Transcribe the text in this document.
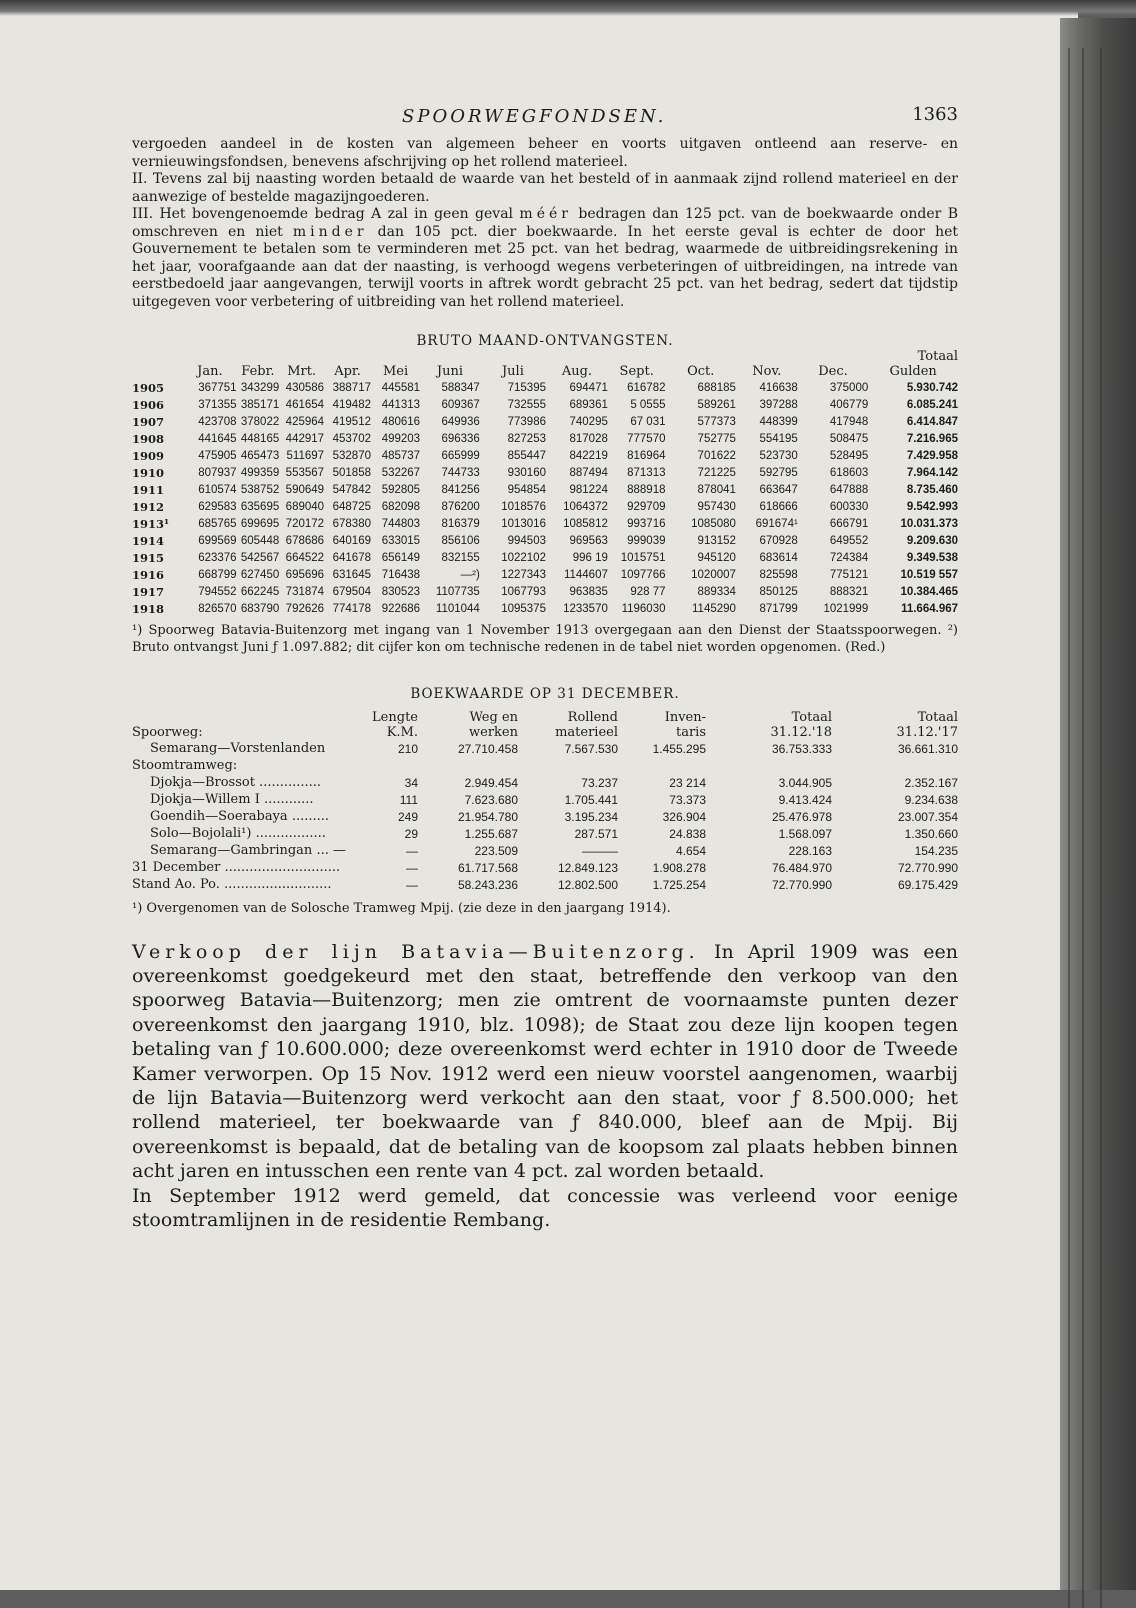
SPOORWEGFONDSEN.	1363

vergoeden aandeel in de kosten van algemeen beheer en voorts uitgaven ontleend aan reserve- en vernieuwingsfondsen, benevens afschrijving op het rollend materieel.

II. Tevens zal bij naasting worden betaald de waarde van het besteld of in aanmaak zijnd rollend materieel en der aanwezige of bestelde magazijngoederen.

III. Het bovengenoemde bedrag A zal in geen geval méér bedragen dan 125 pct. van de boekwaarde onder B omschreven en niet minder dan 105 pct. dier boekwaarde. In het eerste geval is echter de door het Gouvernement te betalen som te verminderen met 25 pct. van het bedrag, waarmede de uitbreidingsrekening in het jaar, voorafgaande aan dat der naasting, is verhoogd wegens verbeteringen of uitbreidingen, na intrede van eerstbedoeld jaar aangevangen, terwijl voorts in aftrek wordt gebracht 25 pct. van het bedrag, sedert dat tijdstip uitgegeven voor verbetering of uitbreiding van het rollend materieel.

BRUTO MAAND-ONTVANGSTEN.

													Totaal
	Jan.	Febr.	Mrt.	Apr.	Mei	Juni	Juli	Aug.	Sept.	Oct.	Nov.	Dec.	Gulden
1905	367751	343299	430586	388717	445581	588347	715395	694471	616782	688185	416638	375000	5.930.742
1906	371355	385171	461654	419482	441313	609367	732555	689361	5 0555	589261	397288	406779	6.085.241
1907	423708	378022	425964	419512	480616	649936	773986	740295	67 031	577373	448399	417948	6.414.847
1908	441645	448165	442917	453702	499203	696336	827253	817028	777570	752775	554195	508475	7.216.965
1909	475905	465473	511697	532870	485737	665999	855447	842219	816964	701622	523730	528495	7.429.958
1910	807937	499359	553567	501858	532267	744733	930160	887494	871313	721225	592795	618603	7.964.142
1911	610574	538752	590649	547842	592805	841256	954854	981224	888918	878041	663647	647888	8.735.460
1912	629583	635695	689040	648725	682098	876200	1018576	1064372	929709	957430	618666	600330	9.542.993
1913¹	685765	699695	720172	678380	744803	816379	1013016	1085812	993716	1085080	691674¹	666791	10.031.373
1914	699569	605448	678686	640169	633015	856106	994503	969563	999039	913152	670928	649552	9.209.630
1915	623376	542567	664522	641678	656149	832155	1022102	996 19	1015751	945120	683614	724384	9.349.538
1916	668799	627450	695696	631645	716438	—²)	1227343	1144607	1097766	1020007	825598	775121	10.519 557
1917	794552	662245	731874	679504	830523	1107735	1067793	963835	928 77	889334	850125	888321	10.384.465
1918	826570	683790	792626	774178	922686	1101044	1095375	1233570	1196030	1145290	871799	1021999	11.664.967

¹) Spoorweg Batavia-Buitenzorg met ingang van 1 November 1913 overgegaan aan den Dienst der Staatsspoorwegen. ²) Bruto ontvangst Juni ƒ 1.097.882; dit cijfer kon om technische redenen in de tabel niet worden opgenomen. (Red.)

BOEKWAARDE OP 31 DECEMBER.

	Lengte	Weg en	Rollend	Inven-	Totaal	Totaal
Spoorweg:	K.M.	werken	materieel	taris	31.12.'18	31.12.'17
Semarang—Vorstenlanden	210	27.710.458	7.567.530	1.455.295	36.753.333	36.661.310
Stoomtramweg:						
Djokja—Brossot ...............	34	2.949.454	73.237	23 214	3.044.905	2.352.167
Djokja—Willem I ............	111	7.623.680	1.705.441	73.373	9.413.424	9.234.638
Goendih—Soerabaya .........	249	21.954.780	3.195.234	326.904	25.476.978	23.007.354
Solo—Bojolali¹) .................	29	1.255.687	287.571	24.838	1.568.097	1.350.660
Semarang—Gambringan ... —	—	223.509	———	4.654	228.163	154.235
31 December ............................	—	61.717.568	12.849.123	1.908.278	76.484.970	72.770.990
Stand Ao. Po. ..........................	—	58.243.236	12.802.500	1.725.254	72.770.990	69.175.429

¹) Overgenomen van de Solosche Tramweg Mpij. (zie deze in den jaargang 1914).

Verkoop der lijn Batavia—Buitenzorg. In April 1909 was een overeenkomst goedgekeurd met den staat, betreffende den verkoop van den spoorweg Batavia—Buitenzorg; men zie omtrent de voornaamste punten dezer overeenkomst den jaargang 1910, blz. 1098); de Staat zou deze lijn koopen tegen betaling van ƒ 10.600.000; deze overeenkomst werd echter in 1910 door de Tweede Kamer verworpen. Op 15 Nov. 1912 werd een nieuw voorstel aangenomen, waarbij de lijn Batavia—Buitenzorg werd verkocht aan den staat, voor ƒ 8.500.000; het rollend materieel, ter boekwaarde van ƒ 840.000, bleef aan de Mpij. Bij overeenkomst is bepaald, dat de betaling van de koopsom zal plaats hebben binnen acht jaren en intusschen een rente van 4 pct. zal worden betaald.

In September 1912 werd gemeld, dat concessie was verleend voor eenige stoomtramlijnen in de residentie Rembang.
